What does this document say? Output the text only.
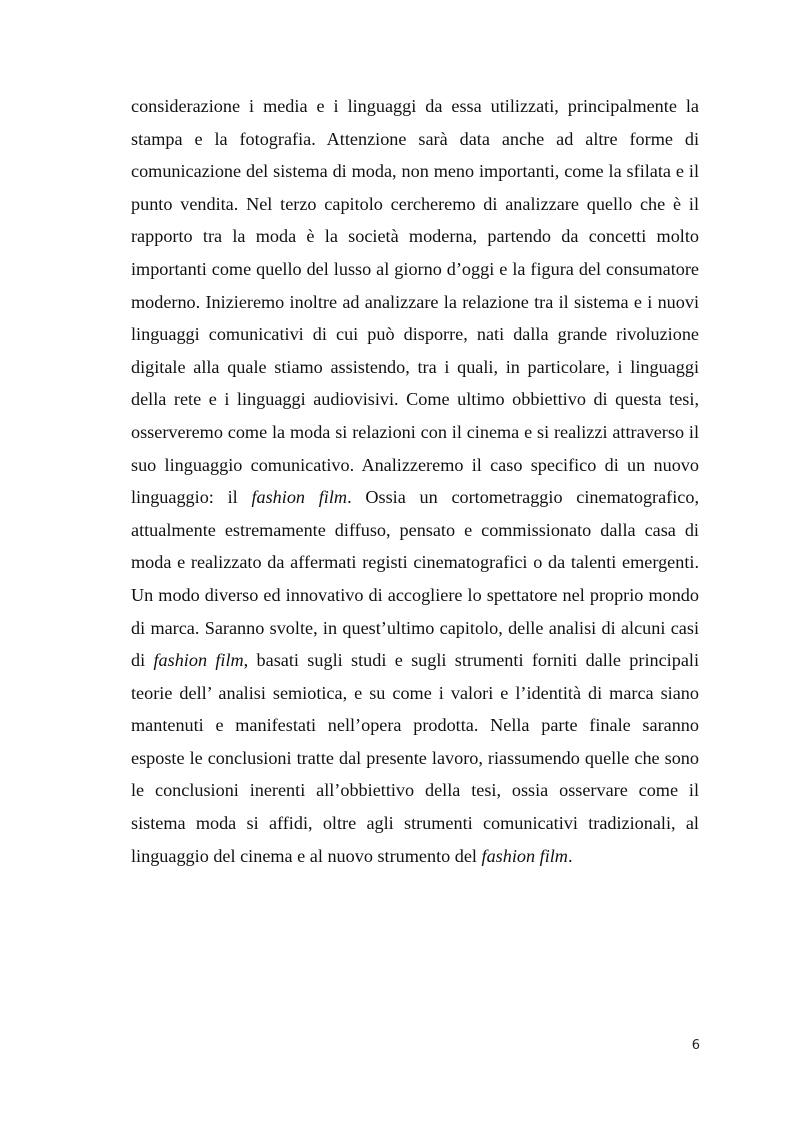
considerazione i media e i linguaggi da essa utilizzati, principalmente la stampa e la fotografia. Attenzione sarà data anche ad altre forme di comunicazione del sistema di moda, non meno importanti, come la sfilata e il punto vendita. Nel terzo capitolo cercheremo di analizzare quello che è il rapporto tra la moda è la società moderna, partendo da concetti molto importanti come quello del lusso al giorno d’oggi e la figura del consumatore moderno. Inizieremo inoltre ad analizzare la relazione tra il sistema e i nuovi linguaggi comunicativi di cui può disporre, nati dalla grande rivoluzione digitale alla quale stiamo assistendo, tra i quali, in particolare, i linguaggi della rete e i linguaggi audiovisivi. Come ultimo obbiettivo di questa tesi, osserveremo come la moda si relazioni con il cinema e si realizzi attraverso il suo linguaggio comunicativo. Analizzeremo il caso specifico di un nuovo linguaggio: il fashion film. Ossia un cortometraggio cinematografico, attualmente estremamente diffuso, pensato e commissionato dalla casa di moda e realizzato da affermati registi cinematografici o da talenti emergenti. Un modo diverso ed innovativo di accogliere lo spettatore nel proprio mondo di marca. Saranno svolte, in quest’ultimo capitolo, delle analisi di alcuni casi di fashion film, basati sugli studi e sugli strumenti forniti dalle principali teorie dell’ analisi semiotica, e su come i valori e l’identità di marca siano mantenuti e manifestati nell’opera prodotta. Nella parte finale saranno esposte le conclusioni tratte dal presente lavoro, riassumendo quelle che sono le conclusioni inerenti all’obbiettivo della tesi, ossia osservare come il sistema moda si affidi, oltre agli strumenti comunicativi tradizionali, al linguaggio del cinema e al nuovo strumento del fashion film.

6
